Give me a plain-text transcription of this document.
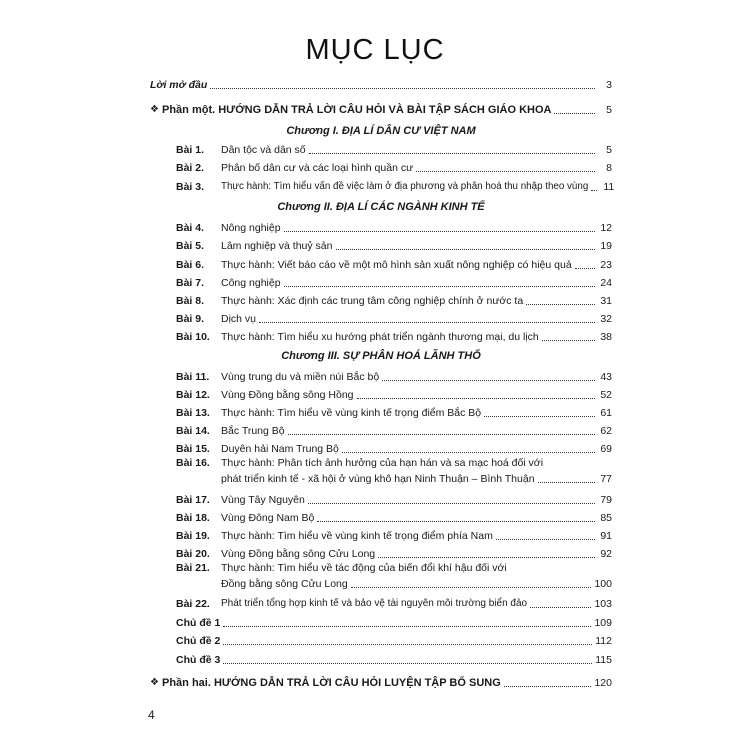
MỤC LỤC
Lời mở đầu	3
❖ Phần một. HƯỚNG DẪN TRẢ LỜI CÂU HỎI VÀ BÀI TẬP SÁCH GIÁO KHOA	5
Chương I. ĐỊA LÍ DÂN CƯ VIỆT NAM
Bài 1.	Dân tộc và dân số	5
Bài 2.	Phân bố dân cư và các loại hình quần cư	8
Bài 3.	Thực hành: Tìm hiểu vấn đề việc làm ở địa phương và phân hoá thu nhập theo vùng 11
Chương II. ĐỊA LÍ CÁC NGÀNH KINH TẾ
Bài 4.	Nông nghiệp	12
Bài 5.	Lâm nghiệp và thuỷ sản	19
Bài 6.	Thực hành: Viết báo cáo về một mô hình sản xuất nông nghiệp có hiệu quả	23
Bài 7.	Công nghiệp	24
Bài 8.	Thực hành: Xác định các trung tâm công nghiệp chính ở nước ta	31
Bài 9.	Dịch vụ	32
Bài 10.	Thực hành: Tìm hiểu xu hướng phát triển ngành thương mại, du lịch	38
Chương III. SỰ PHÂN HOÁ LÃNH THỔ
Bài 11.	Vùng trung du và miền núi Bắc bộ	43
Bài 12.	Vùng Đồng bằng sông Hồng	52
Bài 13.	Thực hành: Tìm hiểu về vùng kinh tế trọng điểm Bắc Bộ	61
Bài 14.	Bắc Trung Bộ	62
Bài 15.	Duyên hải Nam Trung Bộ	69
Bài 16.	Thực hành: Phân tích ảnh hưởng của hạn hán và sa mạc hoá đối với
phát triển kinh tế - xã hội ở vùng khô hạn Ninh Thuận – Bình Thuận	77
Bài 17.	Vùng Tây Nguyên	79
Bài 18.	Vùng Đông Nam Bộ	85
Bài 19.	Thực hành: Tìm hiểu về vùng kinh tế trọng điểm phía Nam	91
Bài 20.	Vùng Đồng bằng sông Cửu Long	92
Bài 21.	Thực hành: Tìm hiểu về tác động của biến đổi khí hậu đối với
Đồng bằng sông Cửu Long	100
Bài 22.	Phát triển tổng hợp kinh tế và bảo vệ tài nguyên môi trường biển đảo	103
Chủ đề 1	109
Chủ đề 2	112
Chủ đề 3	115
❖ Phần hai. HƯỚNG DẪN TRẢ LỜI CÂU HỎI LUYỆN TẬP BỔ SUNG	120
4
